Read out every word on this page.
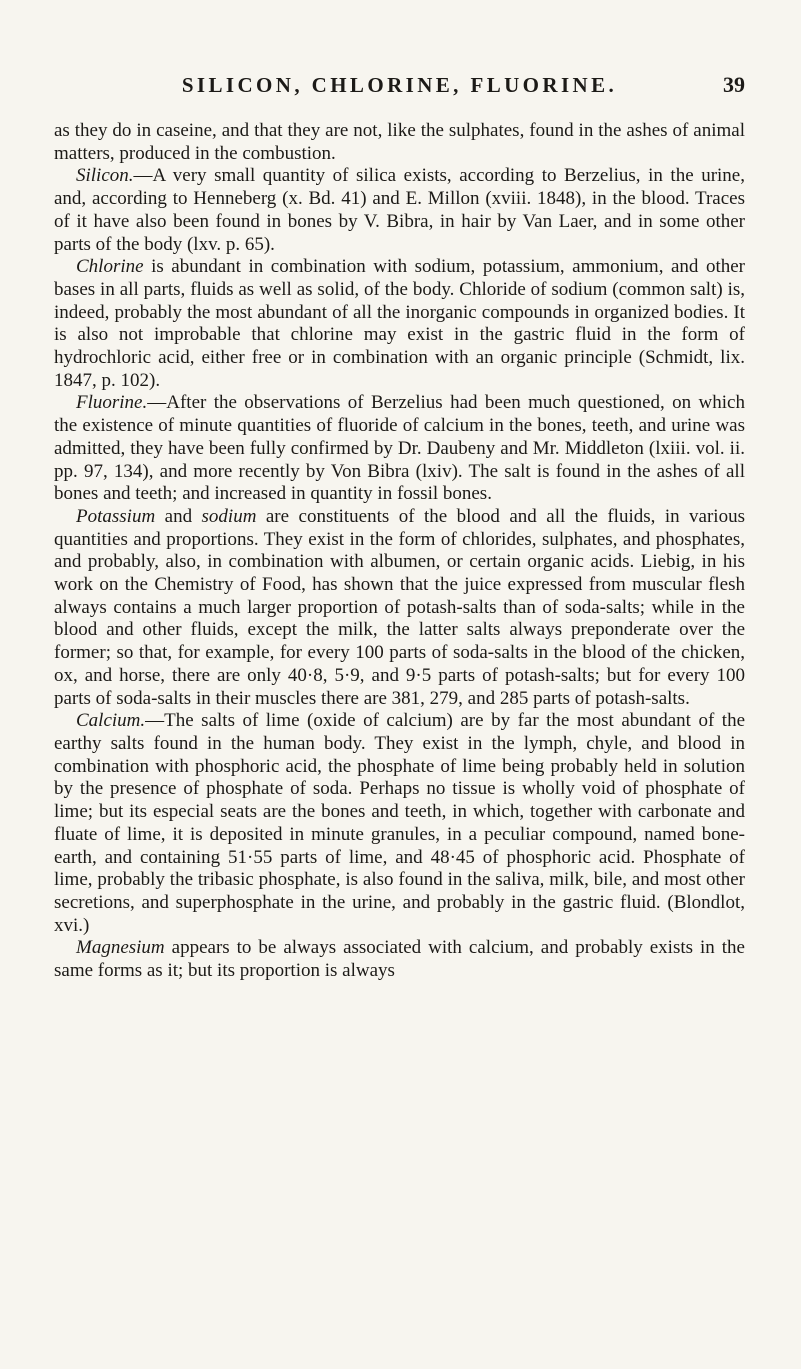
SILICON, CHLORINE, FLUORINE.	39

as they do in caseine, and that they are not, like the sulphates, found in the ashes of animal matters, produced in the combustion.

Silicon.—A very small quantity of silica exists, according to Berzelius, in the urine, and, according to Henneberg (x. Bd. 41) and E. Millon (xviii. 1848), in the blood. Traces of it have also been found in bones by V. Bibra, in hair by Van Laer, and in some other parts of the body (lxv. p. 65).

Chlorine is abundant in combination with sodium, potassium, ammonium, and other bases in all parts, fluids as well as solid, of the body. Chloride of sodium (common salt) is, indeed, probably the most abundant of all the inorganic compounds in organized bodies. It is also not improbable that chlorine may exist in the gastric fluid in the form of hydrochloric acid, either free or in combination with an organic principle (Schmidt, lix. 1847, p. 102).

Fluorine.—After the observations of Berzelius had been much questioned, on which the existence of minute quantities of fluoride of calcium in the bones, teeth, and urine was admitted, they have been fully confirmed by Dr. Daubeny and Mr. Middleton (lxiii. vol. ii. pp. 97, 134), and more recently by Von Bibra (lxiv). The salt is found in the ashes of all bones and teeth; and increased in quantity in fossil bones.

Potassium and sodium are constituents of the blood and all the fluids, in various quantities and proportions. They exist in the form of chlorides, sulphates, and phosphates, and probably, also, in combination with albumen, or certain organic acids. Liebig, in his work on the Chemistry of Food, has shown that the juice expressed from muscular flesh always contains a much larger proportion of potash-salts than of soda-salts; while in the blood and other fluids, except the milk, the latter salts always preponderate over the former; so that, for example, for every 100 parts of soda-salts in the blood of the chicken, ox, and horse, there are only 40·8, 5·9, and 9·5 parts of potash-salts; but for every 100 parts of soda-salts in their muscles there are 381, 279, and 285 parts of potash-salts.

Calcium.—The salts of lime (oxide of calcium) are by far the most abundant of the earthy salts found in the human body. They exist in the lymph, chyle, and blood in combination with phosphoric acid, the phosphate of lime being probably held in solution by the presence of phosphate of soda. Perhaps no tissue is wholly void of phosphate of lime; but its especial seats are the bones and teeth, in which, together with carbonate and fluate of lime, it is deposited in minute granules, in a peculiar compound, named bone-earth, and containing 51·55 parts of lime, and 48·45 of phosphoric acid. Phosphate of lime, probably the tribasic phosphate, is also found in the saliva, milk, bile, and most other secretions, and superphosphate in the urine, and probably in the gastric fluid. (Blondlot, xvi.)

Magnesium appears to be always associated with calcium, and probably exists in the same forms as it; but its proportion is always
